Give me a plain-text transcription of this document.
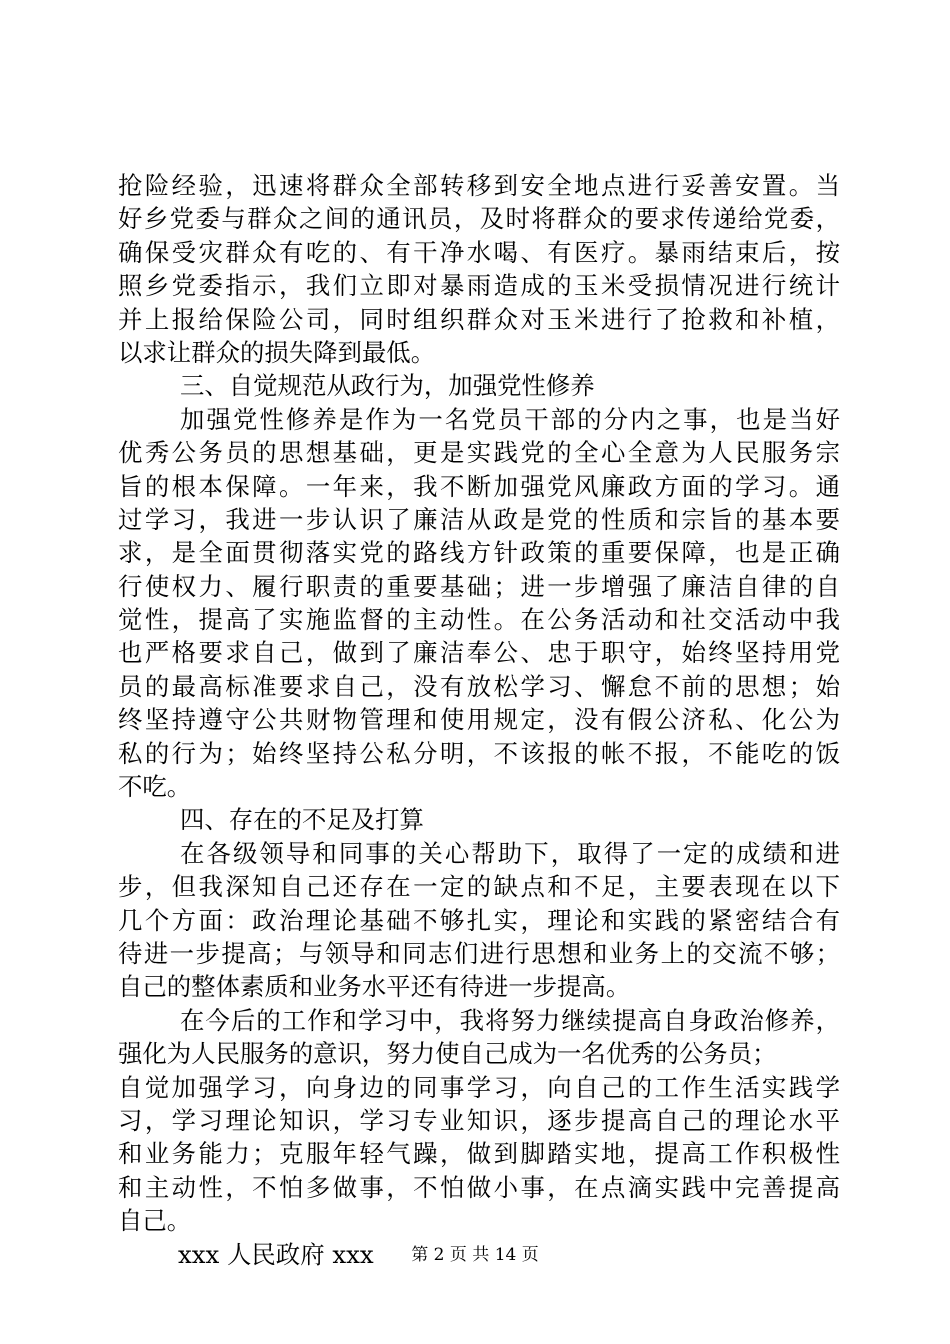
抢险经验，迅速将群众全部转移到安全地点进行妥善安置。当
好乡党委与群众之间的通讯员，及时将群众的要求传递给党委，
确保受灾群众有吃的、有干净水喝、有医疗。暴雨结束后，按
照乡党委指示，我们立即对暴雨造成的玉米受损情况进行统计
并上报给保险公司，同时组织群众对玉米进行了抢救和补植，
以求让群众的损失降到最低。
三、自觉规范从政行为，加强党性修养
加强党性修养是作为一名党员干部的分内之事，也是当好
优秀公务员的思想基础，更是实践党的全心全意为人民服务宗
旨的根本保障。一年来，我不断加强党风廉政方面的学习。通
过学习，我进一步认识了廉洁从政是党的性质和宗旨的基本要
求，是全面贯彻落实党的路线方针政策的重要保障，也是正确
行使权力、履行职责的重要基础；进一步增强了廉洁自律的自
觉性，提高了实施监督的主动性。在公务活动和社交活动中我
也严格要求自己，做到了廉洁奉公、忠于职守，始终坚持用党
员的最高标准要求自己，没有放松学习、懈怠不前的思想；始
终坚持遵守公共财物管理和使用规定，没有假公济私、化公为
私的行为；始终坚持公私分明，不该报的帐不报，不能吃的饭
不吃。
四、存在的不足及打算
在各级领导和同事的关心帮助下，取得了一定的成绩和进
步，但我深知自己还存在一定的缺点和不足，主要表现在以下
几个方面：政治理论基础不够扎实，理论和实践的紧密结合有
待进一步提高；与领导和同志们进行思想和业务上的交流不够；
自己的整体素质和业务水平还有待进一步提高。
在今后的工作和学习中，我将努力继续提高自身政治修养，
强化为人民服务的意识，努力使自己成为一名优秀的公务员；
自觉加强学习，向身边的同事学习，向自己的工作生活实践学
习，学习理论知识，学习专业知识，逐步提高自己的理论水平
和业务能力；克服年轻气躁，做到脚踏实地，提高工作积极性
和主动性，不怕多做事，不怕做小事，在点滴实践中完善提高
自己。
xxx 人民政府 xxx	第 2 页 共 14 页
